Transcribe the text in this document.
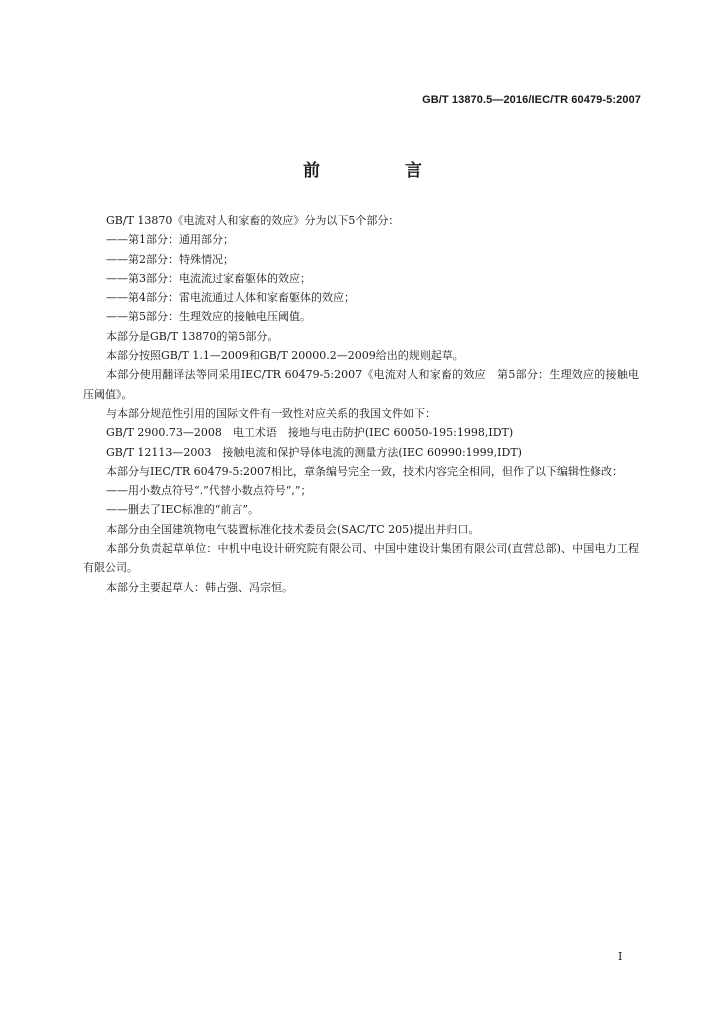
GB/T 13870.5—2016/IEC/TR 60479-5:2007
前　言

GB/T 13870《电流对人和家畜的效应》分为以下5个部分：

——第1部分：通用部分；

——第2部分：特殊情况；

——第3部分：电流流过家畜躯体的效应；

——第4部分：雷电流通过人体和家畜躯体的效应；

——第5部分：生理效应的接触电压阈值。

本部分是GB/T 13870的第5部分。

本部分按照GB/T 1.1—2009和GB/T 20000.2—2009给出的规则起草。

本部分使用翻译法等同采用IEC/TR 60479-5:2007《电流对人和家畜的效应　第5部分：生理效应的接触电压阈值》。

与本部分规范性引用的国际文件有一致性对应关系的我国文件如下：

GB/T 2900.73—2008　电工术语　接地与电击防护(IEC 60050-195:1998,IDT)

GB/T 12113—2003　接触电流和保护导体电流的测量方法(IEC 60990:1999,IDT)

本部分与IEC/TR 60479-5:2007相比，章条编号完全一致，技术内容完全相同，但作了以下编辑性修改：

——用小数点符号“.”代替小数点符号“,”；

——删去了IEC标准的“前言”。

本部分由全国建筑物电气装置标准化技术委员会(SAC/TC 205)提出并归口。

本部分负责起草单位：中机中电设计研究院有限公司、中国中建设计集团有限公司(直营总部)、中国电力工程有限公司。

本部分主要起草人：韩占强、冯宗恒。

I
